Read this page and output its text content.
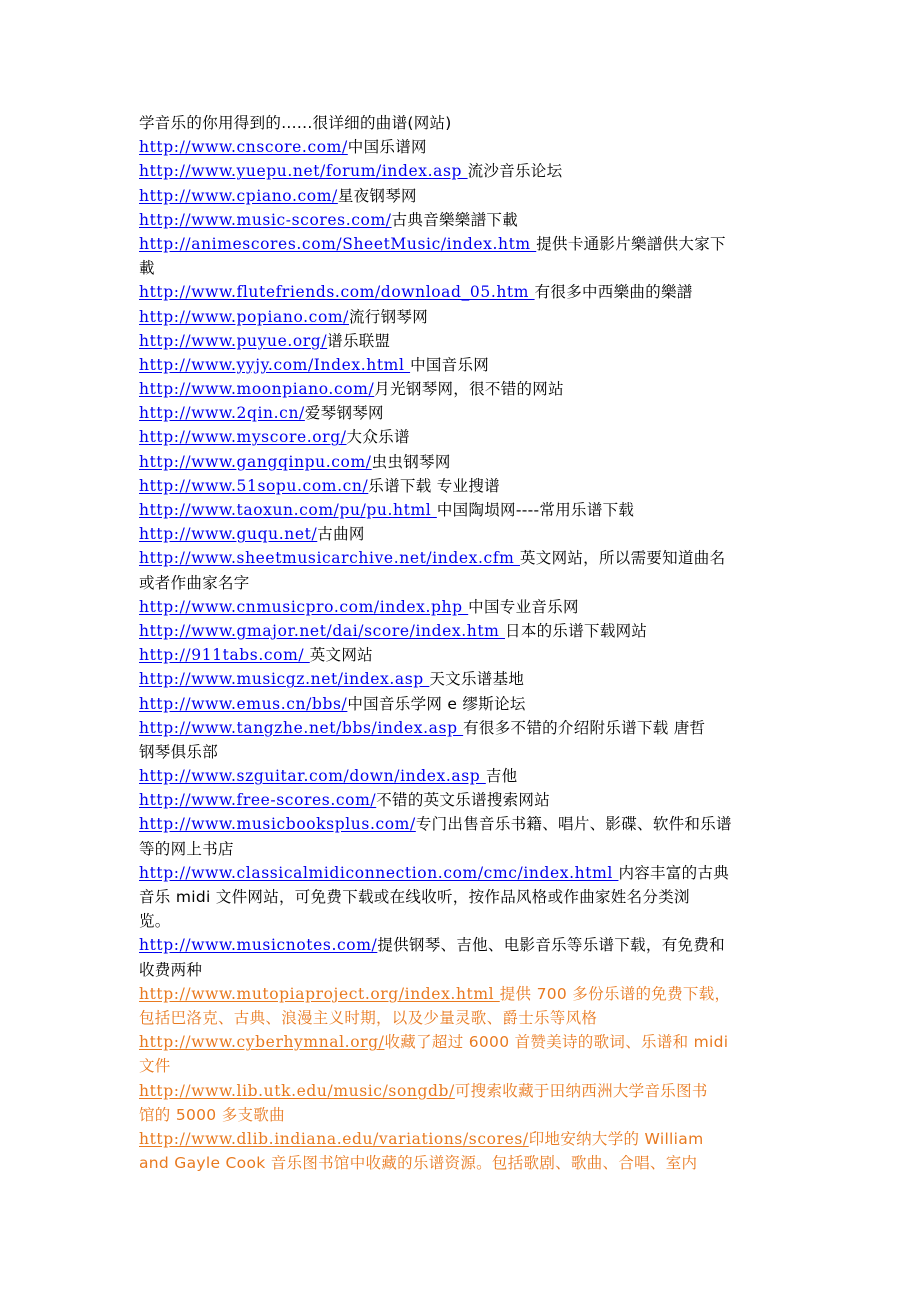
学音乐的你用得到的......很详细的曲谱(网站)
http://www.cnscore.com/中国乐谱网
http://www.yuepu.net/forum/index.asp 流沙音乐论坛
http://www.cpiano.com/星夜钢琴网
http://www.music-scores.com/古典音樂樂譜下載
http://animescores.com/SheetMusic/index.htm 提供卡通影片樂譜供大家下
載
http://www.flutefriends.com/download_05.htm 有很多中西樂曲的樂譜
http://www.popiano.com/流行钢琴网
http://www.puyue.org/谱乐联盟
http://www.yyjy.com/Index.html 中国音乐网
http://www.moonpiano.com/月光钢琴网，很不错的网站
http://www.2qin.cn/爱琴钢琴网
http://www.myscore.org/大众乐谱
http://www.gangqinpu.com/虫虫钢琴网
http://www.51sopu.com.cn/乐谱下载 专业搜谱
http://www.taoxun.com/pu/pu.html 中国陶埙网----常用乐谱下载
http://www.guqu.net/古曲网
http://www.sheetmusicarchive.net/index.cfm 英文网站，所以需要知道曲名
或者作曲家名字
http://www.cnmusicpro.com/index.php 中国专业音乐网
http://www.gmajor.net/dai/score/index.htm 日本的乐谱下载网站
http://911tabs.com/ 英文网站
http://www.musicgz.net/index.asp 天文乐谱基地
http://www.emus.cn/bbs/中国音乐学网 e 缪斯论坛
http://www.tangzhe.net/bbs/index.asp 有很多不错的介绍附乐谱下载 唐哲
钢琴俱乐部
http://www.szguitar.com/down/index.asp 吉他
http://www.free-scores.com/不错的英文乐谱搜索网站
http://www.musicbooksplus.com/专门出售音乐书籍、唱片、影碟、软件和乐谱
等的网上书店
http://www.classicalmidiconnection.com/cmc/index.html 内容丰富的古典
音乐 midi 文件网站，可免费下载或在线收听，按作品风格或作曲家姓名分类浏
览。
http://www.musicnotes.com/提供钢琴、吉他、电影音乐等乐谱下载，有免费和
收费两种
http://www.mutopiaproject.org/index.html 提供 700 多份乐谱的免费下载，
包括巴洛克、古典、浪漫主义时期，以及少量灵歌、爵士乐等风格
http://www.cyberhymnal.org/收藏了超过 6000 首赞美诗的歌词、乐谱和 midi
文件
http://www.lib.utk.edu/music/songdb/可搜索收藏于田纳西洲大学音乐图书
馆的 5000 多支歌曲
http://www.dlib.indiana.edu/variations/scores/印地安纳大学的 William
and Gayle Cook 音乐图书馆中收藏的乐谱资源。包括歌剧、歌曲、合唱、室内
